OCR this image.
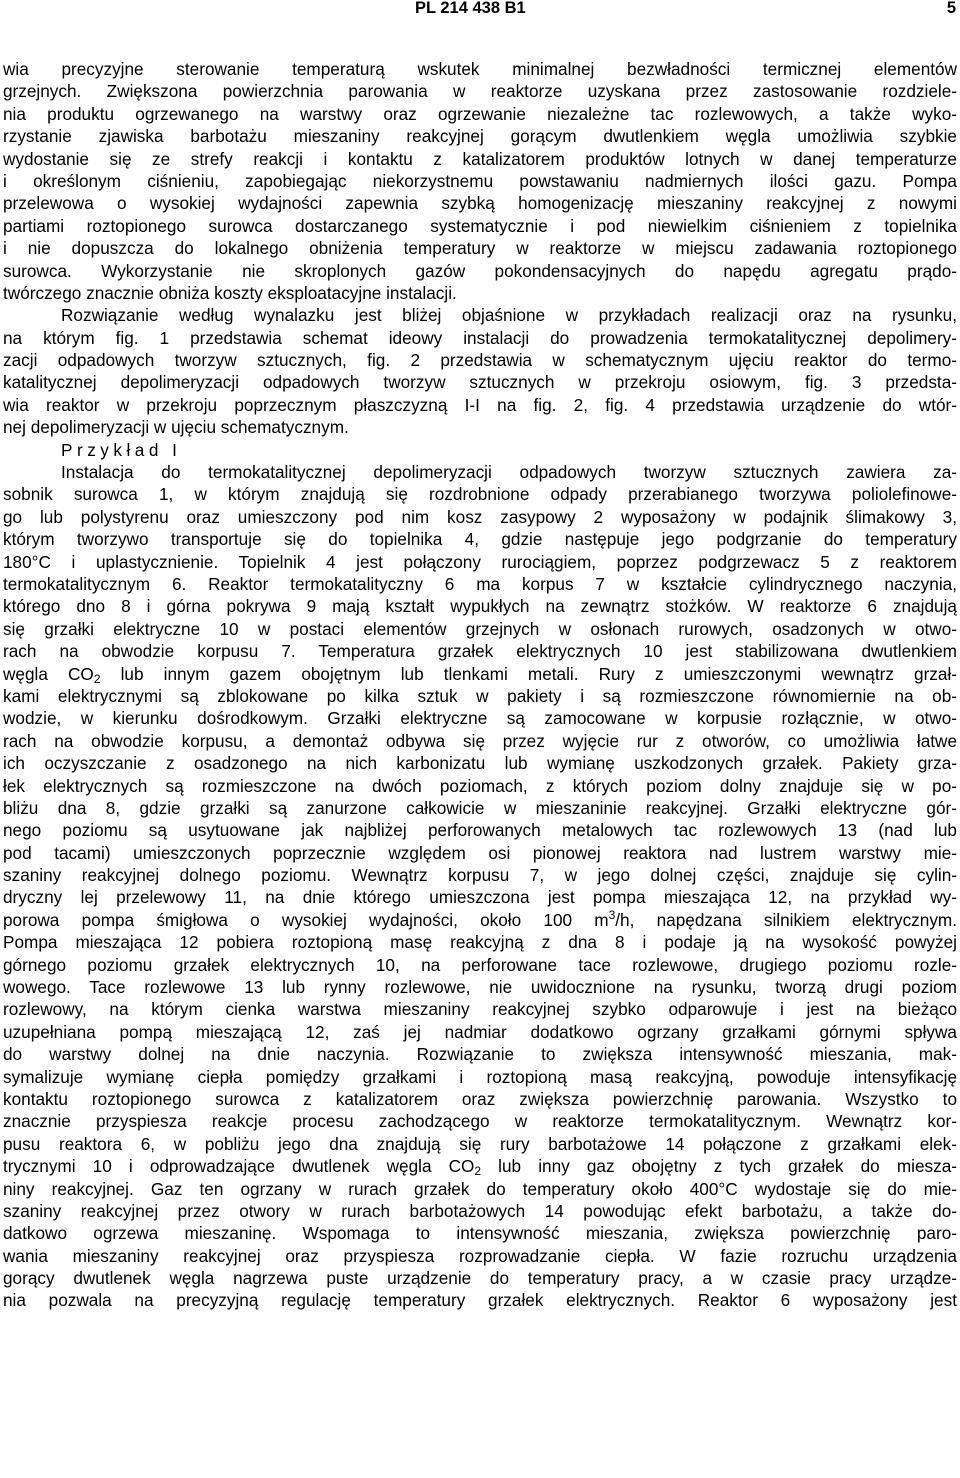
PL 214 438 B1	5
wia precyzyjne sterowanie temperaturą wskutek minimalnej bezwładności termicznej elementów
grzejnych. Zwiększona powierzchnia parowania w reaktorze uzyskana przez zastosowanie rozdziele-
nia produktu ogrzewanego na warstwy oraz ogrzewanie niezależne tac rozlewowych, a także wyko-
rzystanie zjawiska barbotażu mieszaniny reakcyjnej gorącym dwutlenkiem węgla umożliwia szybkie
wydostanie się ze strefy reakcji i kontaktu z katalizatorem produktów lotnych w danej temperaturze
i określonym ciśnieniu, zapobiegając niekorzystnemu powstawaniu nadmiernych ilości gazu. Pompa
przelewowa o wysokiej wydajności zapewnia szybką homogenizację mieszaniny reakcyjnej z nowymi
partiami roztopionego surowca dostarczanego systematycznie i pod niewielkim ciśnieniem z topielnika
i nie dopuszcza do lokalnego obniżenia temperatury w reaktorze w miejscu zadawania roztopionego
surowca. Wykorzystanie nie skroplonych gazów pokondensacyjnych do napędu agregatu prądo-
twórczego znacznie obniża koszty eksploatacyjne instalacji.
Rozwiązanie według wynalazku jest bliżej objaśnione w przykładach realizacji oraz na rysunku,
na którym fig. 1 przedstawia schemat ideowy instalacji do prowadzenia termokatalitycznej depolimery-
zacji odpadowych tworzyw sztucznych, fig. 2 przedstawia w schematycznym ujęciu reaktor do termo-
katalitycznej depolimeryzacji odpadowych tworzyw sztucznych w przekroju osiowym, fig. 3 przedsta-
wia reaktor w przekroju poprzecznym płaszczyzną I-I na fig. 2, fig. 4 przedstawia urządzenie do wtór-
nej depolimeryzacji w ujęciu schematycznym.
Przykład I
Instalacja do termokatalitycznej depolimeryzacji odpadowych tworzyw sztucznych zawiera za-
sobnik surowca 1, w którym znajdują się rozdrobnione odpady przerabianego tworzywa poliolefinowe-
go lub polystyrenu oraz umieszczony pod nim kosz zasypowy 2 wyposażony w podajnik ślimakowy 3,
którym tworzywo transportuje się do topielnika 4, gdzie następuje jego podgrzanie do temperatury
180°C i uplastycznienie. Topielnik 4 jest połączony rurociągiem, poprzez podgrzewacz 5 z reaktorem
termokatalitycznym 6. Reaktor termokatalityczny 6 ma korpus 7 w kształcie cylindrycznego naczynia,
którego dno 8 i górna pokrywa 9 mają kształt wypukłych na zewnątrz stożków. W reaktorze 6 znajdują
się grzałki elektryczne 10 w postaci elementów grzejnych w osłonach rurowych, osadzonych w otwo-
rach na obwodzie korpusu 7. Temperatura grzałek elektrycznych 10 jest stabilizowana dwutlenkiem
węgla $CO_2$ lub innym gazem obojętnym lub tlenkami metali. Rury z umieszczonymi wewnątrz grzał-
kami elektrycznymi są zblokowane po kilka sztuk w pakiety i są rozmieszczone równomiernie na ob-
wodzie, w kierunku dośrodkowym. Grzałki elektryczne są zamocowane w korpusie rozłącznie, w otwo-
rach na obwodzie korpusu, a demontaż odbywa się przez wyjęcie rur z otworów, co umożliwia łatwe
ich oczyszczanie z osadzonego na nich karbonizatu lub wymianę uszkodzonych grzałek. Pakiety grza-
łek elektrycznych są rozmieszczone na dwóch poziomach, z których poziom dolny znajduje się w po-
bliżu dna 8, gdzie grzałki są zanurzone całkowicie w mieszaninie reakcyjnej. Grzałki elektryczne gór-
nego poziomu są usytuowane jak najbliżej perforowanych metalowych tac rozlewowych 13 (nad lub
pod tacami) umieszczonych poprzecznie względem osi pionowej reaktora nad lustrem warstwy mie-
szaniny reakcyjnej dolnego poziomu. Wewnątrz korpusu 7, w jego dolnej części, znajduje się cylin-
dryczny lej przelewowy 11, na dnie którego umieszczona jest pompa mieszająca 12, na przykład wy-
porowa pompa śmigłowa o wysokiej wydajności, około 100 $m^3/h$, napędzana silnikiem elektrycznym.
Pompa mieszająca 12 pobiera roztopioną masę reakcyjną z dna 8 i podaje ją na wysokość powyżej
górnego poziomu grzałek elektrycznych 10, na perforowane tace rozlewowe, drugiego poziomu rozle-
wowego. Tace rozlewowe 13 lub rynny rozlewowe, nie uwidocznione na rysunku, tworzą drugi poziom
rozlewowy, na którym cienka warstwa mieszaniny reakcyjnej szybko odparowuje i jest na bieżąco
uzupełniana pompą mieszającą 12, zaś jej nadmiar dodatkowo ogrzany grzałkami górnymi spływa
do warstwy dolnej na dnie naczynia. Rozwiązanie to zwiększa intensywność mieszania, mak-
symalizuje wymianę ciepła pomiędzy grzałkami i roztopioną masą reakcyjną, powoduje intensyfikację
kontaktu roztopionego surowca z katalizatorem oraz zwiększa powierzchnię parowania. Wszystko to
znacznie przyspiesza reakcje procesu zachodzącego w reaktorze termokatalitycznym. Wewnątrz kor-
pusu reaktora 6, w pobliżu jego dna znajdują się rury barbotażowe 14 połączone z grzałkami elek-
trycznymi 10 i odprowadzające dwutlenek węgla $CO_2$ lub inny gaz obojętny z tych grzałek do mieszа-
niny reakcyjnej. Gaz ten ogrzany w rurach grzałek do temperatury około 400°C wydostaje się do mie-
szaniny reakcyjnej przez otwory w rurach barbotażowych 14 powodując efekt barbotażu, a także do-
datkowo ogrzewa mieszaninę. Wspomaga to intensywność mieszania, zwiększa powierzchnię paro-
wania mieszaniny reakcyjnej oraz przyspiesza rozprowadzanie ciepła. W fazie rozruchu urządzenia
gorący dwutlenek węgla nagrzewa puste urządzenie do temperatury pracy, a w czasie pracy urządze-
nia pozwala na precyzyjną regulację temperatury grzałek elektrycznych. Reaktor 6 wyposażony jest
